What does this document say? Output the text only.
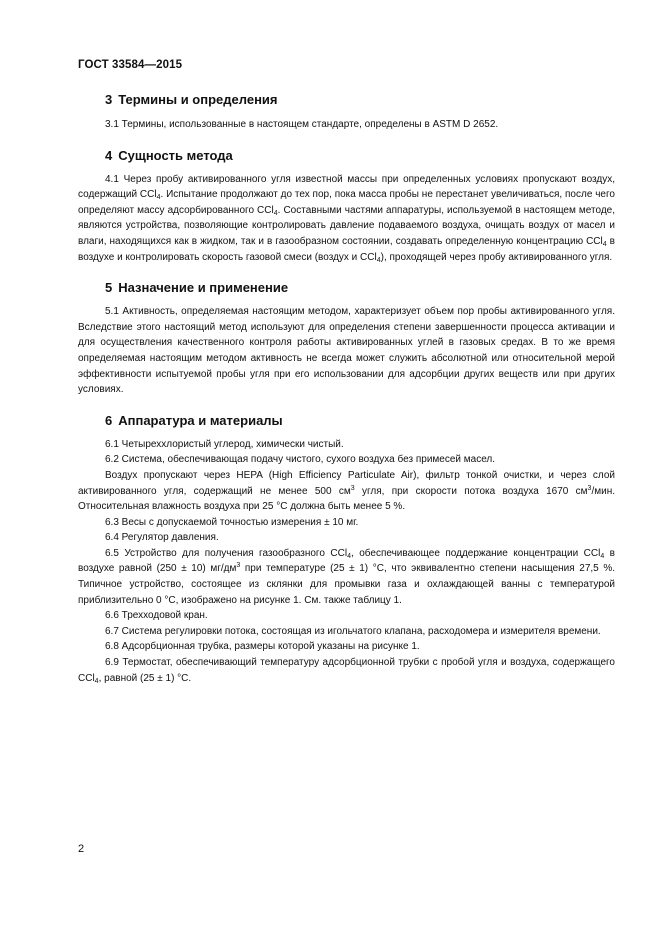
ГОСТ 33584—2015
3 Термины и определения

3.1 Термины, использованные в настоящем стандарте, определены в ASTM D 2652.

4 Сущность метода

4.1 Через пробу активированного угля известной массы при определенных условиях пропускают воздух, содержащий CCl$_4$. Испытание продолжают до тех пор, пока масса пробы не перестанет увеличиваться, после чего определяют массу адсорбированного CCl$_4$. Составными частями аппаратуры, используемой в настоящем методе, являются устройства, позволяющие контролировать давление подаваемого воздуха, очищать воздух от масел и влаги, находящихся как в жидком, так и в газообразном состоянии, создавать определенную концентрацию CCl$_4$ в воздухе и контролировать скорость газовой смеси (воздух и CCl$_4$), проходящей через пробу активированного угля.

5 Назначение и применение

5.1 Активность, определяемая настоящим методом, характеризует объем пор пробы активированного угля. Вследствие этого настоящий метод используют для определения степени завершенности процесса активации и для осуществления качественного контроля работы активированных углей в газовых средах. В то же время определяемая настоящим методом активность не всегда может служить абсолютной или относительной мерой эффективности испытуемой пробы угля при его использовании для адсорбции других веществ или при других условиях.

6 Аппаратура и материалы

6.1 Четыреххлористый углерод, химически чистый.

6.2 Система, обеспечивающая подачу чистого, сухого воздуха без примесей масел.

Воздух пропускают через HEPA (High Efficiency Particulate Air), фильтр тонкой очистки, и через слой активированного угля, содержащий не менее 500 $см^3$ угля, при скорости потока воздуха 1670 $см^3$/мин. Относительная влажность воздуха при 25 °С должна быть менее 5 %.

6.3 Весы с допускаемой точностью измерения ± 10 мг.

6.4 Регулятор давления.

6.5 Устройство для получения газообразного CCl$_4$, обеспечивающее поддержание концентрации CCl$_4$ в воздухе равной (250 ± 10) $мг/дм^3$ при температуре (25 ± 1) °С, что эквивалентно степени насыщения 27,5 %. Типичное устройство, состоящее из склянки для промывки газа и охлаждающей ванны с температурой приблизительно 0 °С, изображено на рисунке 1. См. также таблицу 1.

6.6 Трехходовой кран.

6.7 Система регулировки потока, состоящая из игольчатого клапана, расходомера и измерителя времени.

6.8 Адсорбционная трубка, размеры которой указаны на рисунке 1.

6.9 Термостат, обеспечивающий температуру адсорбционной трубки с пробой угля и воздуха, содержащего CCl$_4$, равной (25 ± 1) °С.

2
